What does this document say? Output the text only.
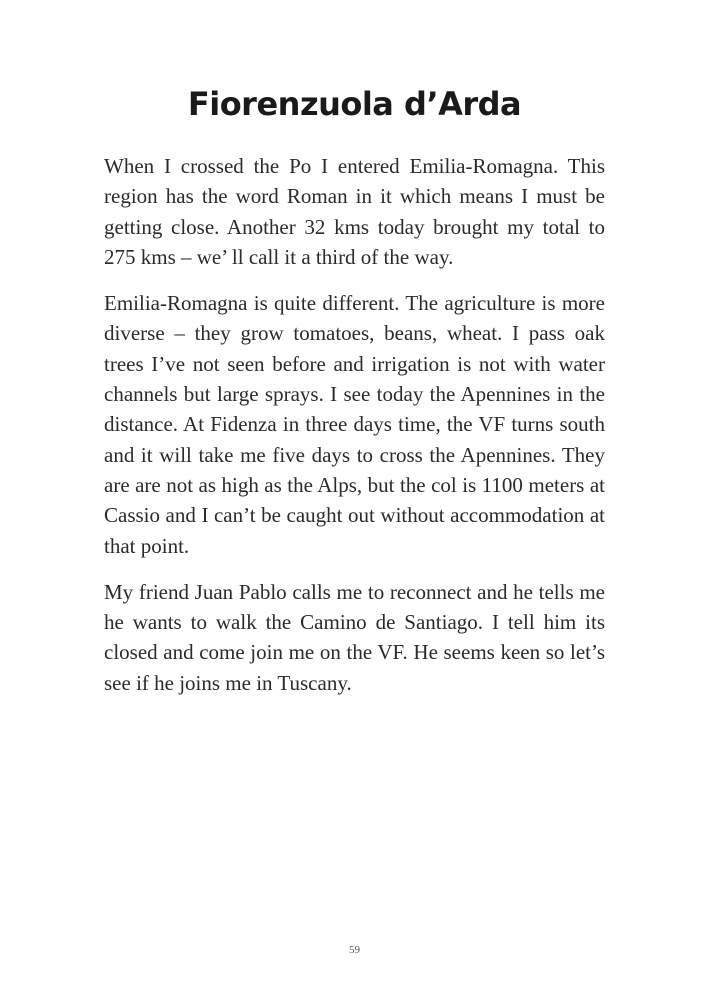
Fiorenzuola d’Arda

When I crossed the Po I entered Emilia-Romagna. This region has the word Roman in it which means I must be getting close. Another 32 kms today brought my total to 275 kms – we’ ll call it a third of the way.

Emilia-Romagna is quite different. The agriculture is more diverse – they grow tomatoes, beans, wheat. I pass oak trees I’ve not seen before and irrigation is not with water channels but large sprays. I see today the Apennines in the distance. At Fidenza in three days time, the VF turns south and it will take me five days to cross the Apennines. They are are not as high as the Alps, but the col is 1100 meters at Cassio and I can’t be caught out without accommodation at that point.

My friend Juan Pablo calls me to reconnect and he tells me he wants to walk the Camino de Santiago. I tell him its closed and come join me on the VF. He seems keen so let’s see if he joins me in Tuscany.

59
